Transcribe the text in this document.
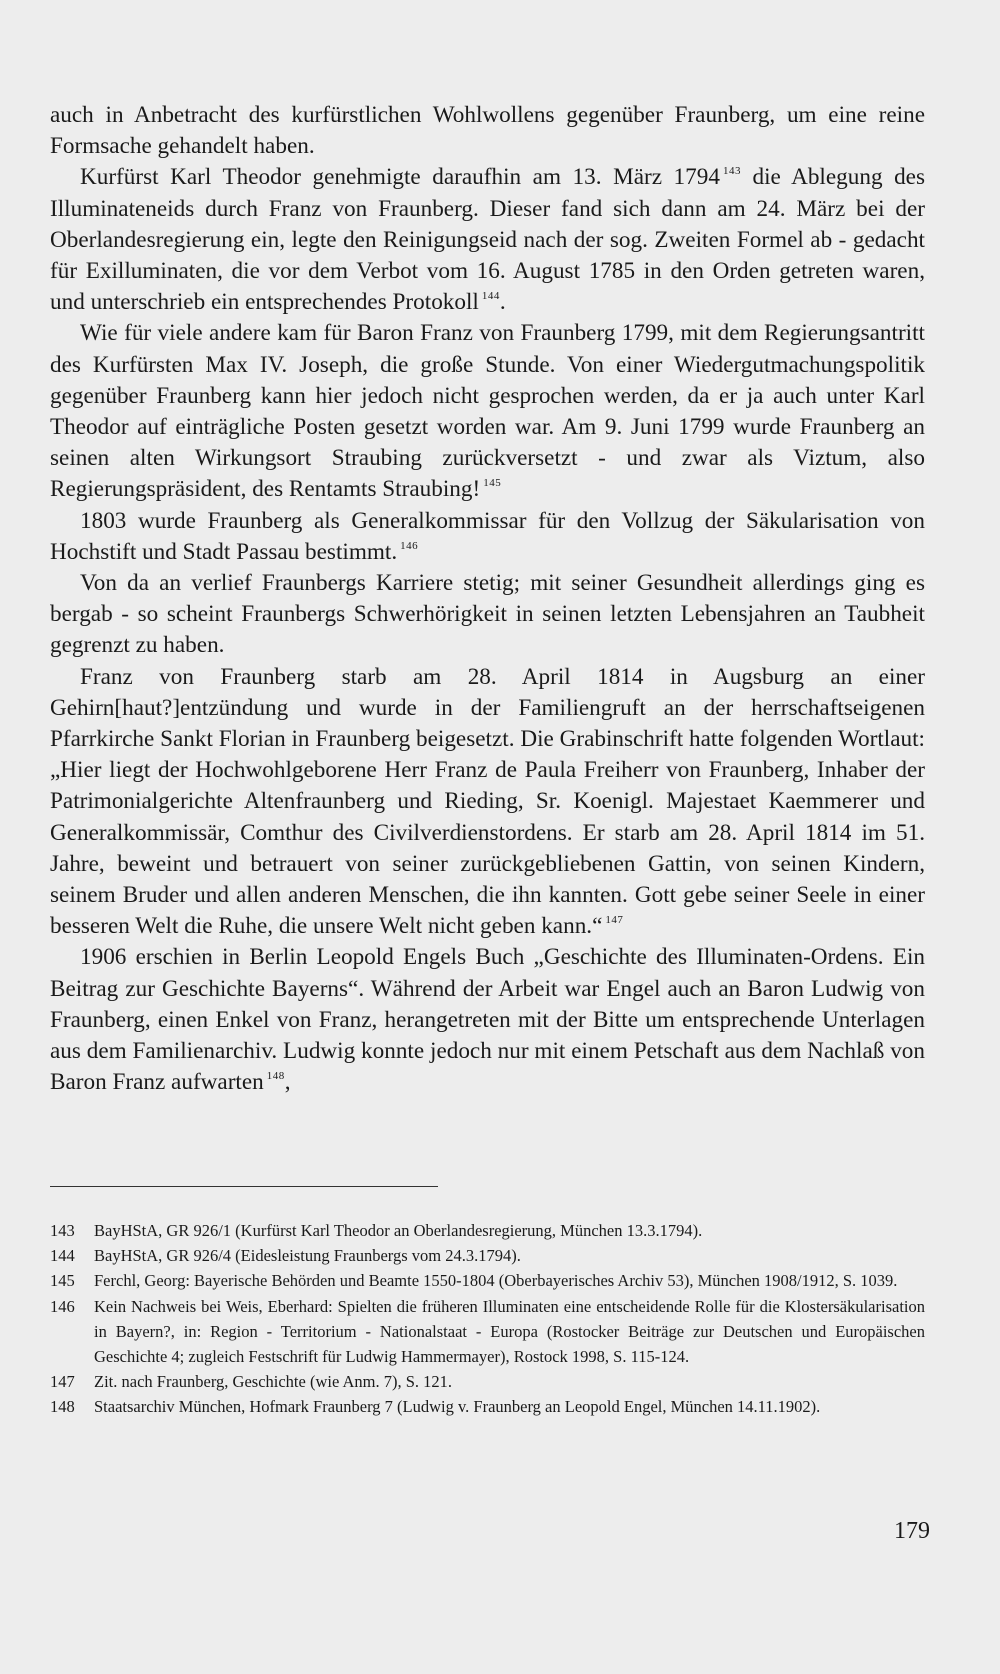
auch in Anbetracht des kurfürstlichen Wohlwollens gegenüber Fraunberg, um eine reine Formsache gehandelt haben.

Kurfürst Karl Theodor genehmigte daraufhin am 13. März 1794 $^{143}$ die Ablegung des Illuminateneids durch Franz von Fraunberg. Dieser fand sich dann am 24. März bei der Oberlandesregierung ein, legte den Reinigungseid nach der sog. Zweiten Formel ab - gedacht für Exilluminaten, die vor dem Verbot vom 16. August 1785 in den Orden getreten waren, und unterschrieb ein entsprechendes Protokoll $^{144}$.

Wie für viele andere kam für Baron Franz von Fraunberg 1799, mit dem Regierungsantritt des Kurfürsten Max IV. Joseph, die große Stunde. Von einer Wiedergutmachungspolitik gegenüber Fraunberg kann hier jedoch nicht gesprochen werden, da er ja auch unter Karl Theodor auf einträgliche Posten gesetzt worden war. Am 9. Juni 1799 wurde Fraunberg an seinen alten Wirkungsort Straubing zurückversetzt - und zwar als Viztum, also Regierungspräsident, des Rentamts Straubing! $^{145}$

1803 wurde Fraunberg als Generalkommissar für den Vollzug der Säkularisation von Hochstift und Stadt Passau bestimmt. $^{146}$

Von da an verlief Fraunbergs Karriere stetig; mit seiner Gesundheit allerdings ging es bergab - so scheint Fraunbergs Schwerhörigkeit in seinen letzten Lebensjahren an Taubheit gegrenzt zu haben.

Franz von Fraunberg starb am 28. April 1814 in Augsburg an einer Gehirn[haut?]entzündung und wurde in der Familiengruft an der herrschaftseigenen Pfarrkirche Sankt Florian in Fraunberg beigesetzt. Die Grabinschrift hatte folgenden Wortlaut: „Hier liegt der Hochwohlgeborene Herr Franz de Paula Freiherr von Fraunberg, Inhaber der Patrimonialgerichte Altenfraunberg und Rieding, Sr. Koenigl. Majestaet Kaemmerer und Generalkommissär, Comthur des Civilverdienstordens. Er starb am 28. April 1814 im 51. Jahre, beweint und betrauert von seiner zurückgebliebenen Gattin, von seinen Kindern, seinem Bruder und allen anderen Menschen, die ihn kannten. Gott gebe seiner Seele in einer besseren Welt die Ruhe, die unsere Welt nicht geben kann.“ $^{147}$

1906 erschien in Berlin Leopold Engels Buch „Geschichte des Illuminaten-Ordens. Ein Beitrag zur Geschichte Bayerns“. Während der Arbeit war Engel auch an Baron Ludwig von Fraunberg, einen Enkel von Franz, herangetreten mit der Bitte um entsprechende Unterlagen aus dem Familienarchiv. Ludwig konnte jedoch nur mit einem Petschaft aus dem Nachlaß von Baron Franz aufwarten $^{148}$,

143	BayHStA, GR 926/1 (Kurfürst Karl Theodor an Oberlandesregierung, München 13.3.1794).
144	BayHStA, GR 926/4 (Eidesleistung Fraunbergs vom 24.3.1794).
145	Ferchl, Georg: Bayerische Behörden und Beamte 1550-1804 (Oberbayerisches Archiv 53), München 1908/1912, S. 1039.
146	Kein Nachweis bei Weis, Eberhard: Spielten die früheren Illuminaten eine entscheidende Rolle für die Klostersäkularisation in Bayern?, in: Region - Territorium - Nationalstaat - Europa (Rostocker Beiträge zur Deutschen und Europäischen Geschichte 4; zugleich Festschrift für Ludwig Hammermayer), Rostock 1998, S. 115-124.
147	Zit. nach Fraunberg, Geschichte (wie Anm. 7), S. 121.
148	Staatsarchiv München, Hofmark Fraunberg 7 (Ludwig v. Fraunberg an Leopold Engel, München 14.11.1902).
179
